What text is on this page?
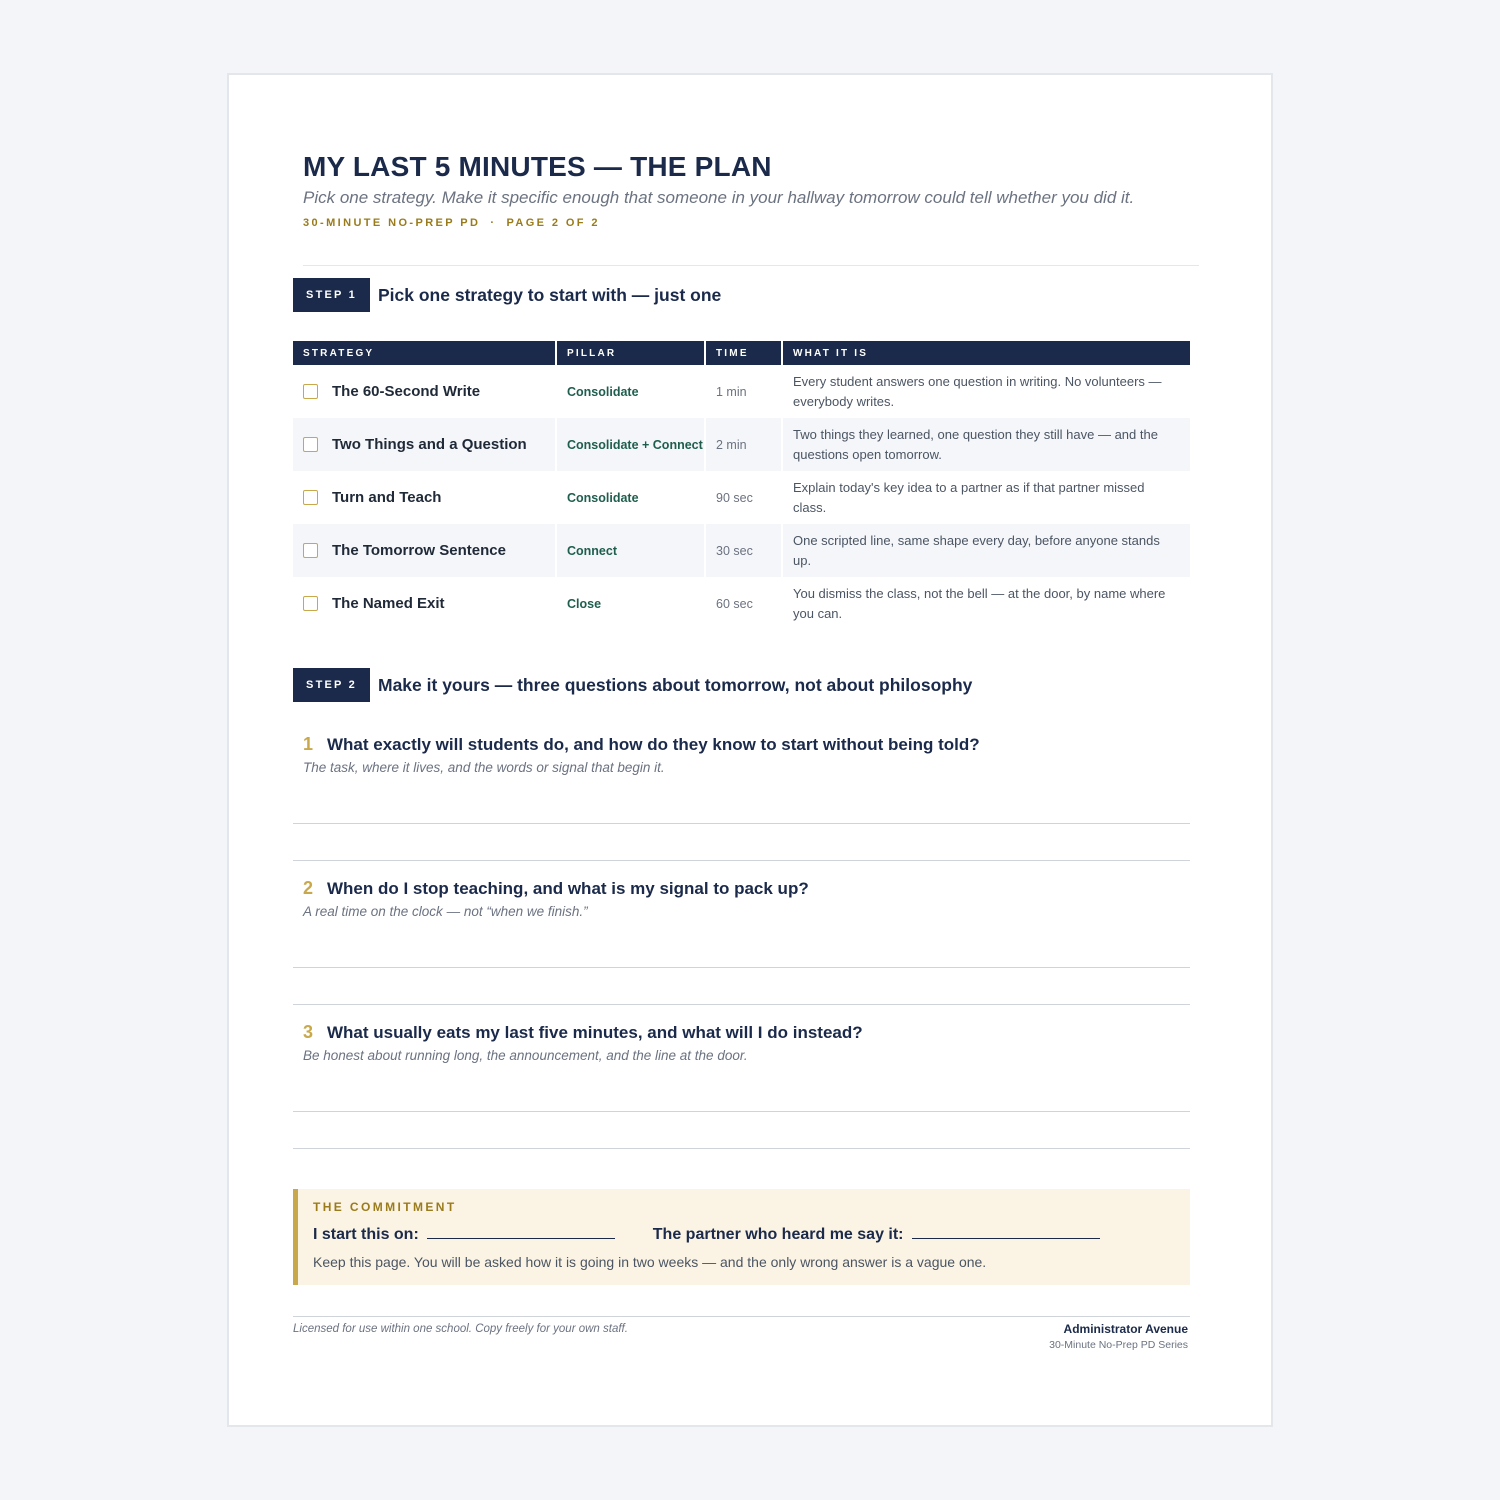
MY LAST 5 MINUTES — THE PLAN

Pick one strategy. Make it specific enough that someone in your hallway tomorrow could tell whether you did it.

30-MINUTE NO-PREP PD · PAGE 2 OF 2
STEP 1	Pick one strategy to start with — just one
STRATEGY	PILLAR	TIME	WHAT IT IS

The 60-Second Write	Consolidate	1 min	Every student answers one question in writing. No volunteers — everybody writes.

Two Things and a Question	Consolidate + Connect	2 min	Two things they learned, one question they still have — and the questions open tomorrow.

Turn and Teach	Consolidate	90 sec	Explain today's key idea to a partner as if that partner missed class.

The Tomorrow Sentence	Connect	30 sec	One scripted line, same shape every day, before anyone stands up.

The Named Exit	Close	60 sec	You dismiss the class, not the bell — at the door, by name where you can.
STEP 2	Make it yours — three questions about tomorrow, not about philosophy
1 What exactly will students do, and how do they know to start without being told?
The task, where it lives, and the words or signal that begin it.
2 When do I stop teaching, and what is my signal to pack up?
A real time on the clock — not “when we finish.”
3 What usually eats my last five minutes, and what will I do instead?
Be honest about running long, the announcement, and the line at the door.
THE COMMITMENT
I start this on:	The partner who heard me say it:
Keep this page. You will be asked how it is going in two weeks — and the only wrong answer is a vague one.
Licensed for use within one school. Copy freely for your own staff.	Administrator Avenue
30-Minute No-Prep PD Series
